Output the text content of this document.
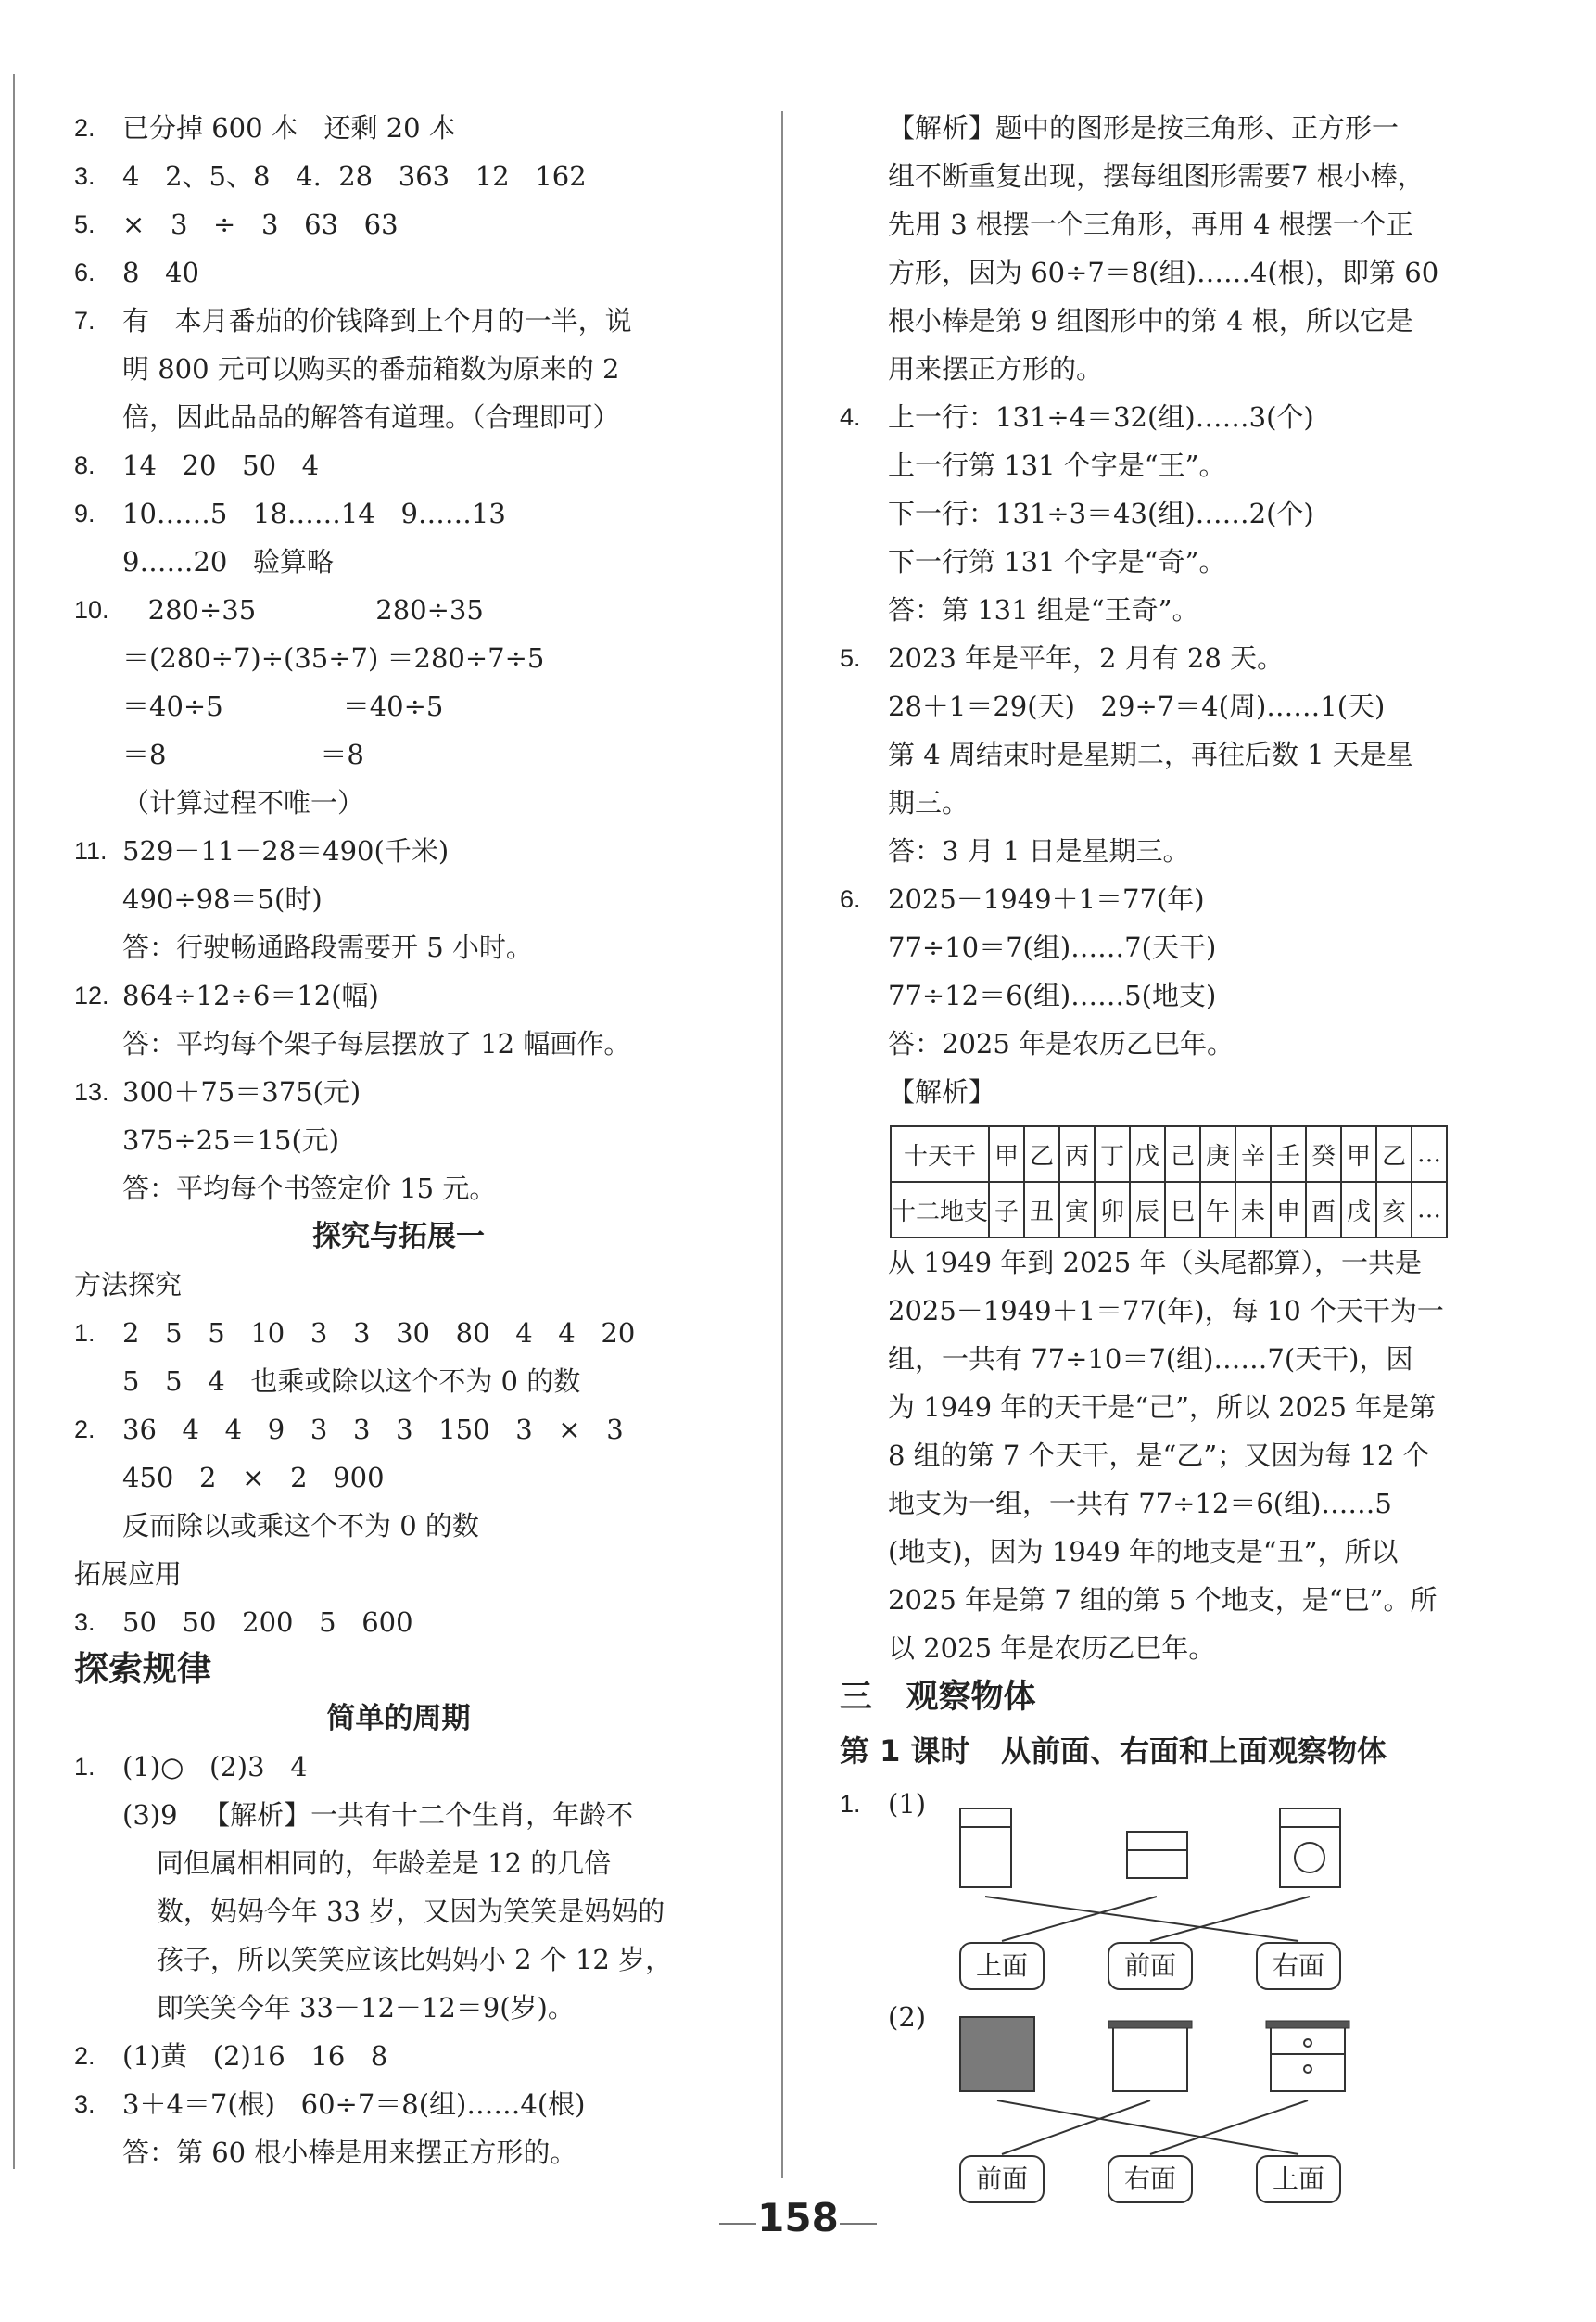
2. 已分掉 600 本   还剩 20 本
3. 4   2、5、8   4.  28   363   12   162
5. ×   3   ÷   3   63   63
6. 8   40
7. 有   本月番茄的价钱降到上个月的一半，说
明 800 元可以购买的番茄箱数为原来的 2
倍，因此品品的解答有道理。（合理即可）
8. 14   20   50   4
9. 10……5   18……14   9……13
9……20   验算略
10. 280÷35              280÷35
＝(280÷7)÷(35÷7) ＝280÷7÷5
＝40÷5              ＝40÷5
＝8                  ＝8
（计算过程不唯一）
11. 529－11－28＝490(千米)
490÷98＝5(时)
答：行驶畅通路段需要开 5 小时。
12. 864÷12÷6＝12(幅)
答：平均每个架子每层摆放了 12 幅画作。
13. 300＋75＝375(元)
375÷25＝15(元)
答：平均每个书签定价 15 元。
探究与拓展一
方法探究
1. 2   5   5   10   3   3   30   80   4   4   20
5   5   4   也乘或除以这个不为 0 的数
2. 36   4   4   9   3   3   3   150   3   ×   3
450   2   ×   2   900
反而除以或乘这个不为 0 的数
拓展应用
3. 50   50   200   5   600
探索规律
简单的周期
1. (1)○   (2)3   4
(3)9   【解析】一共有十二个生肖，年龄不
同但属相相同的，年龄差是 12 的几倍
数，妈妈今年 33 岁，又因为笑笑是妈妈的
孩子，所以笑笑应该比妈妈小 2 个 12 岁，
即笑笑今年 33－12－12＝9(岁)。
2. (1)黄   (2)16   16   8
3. 3＋4＝7(根)   60÷7＝8(组)……4(根)
答：第 60 根小棒是用来摆正方形的。
【解析】题中的图形是按三角形、正方形一
组不断重复出现，摆每组图形需要7 根小棒，
先用 3 根摆一个三角形，再用 4 根摆一个正
方形，因为 60÷7＝8(组)……4(根)，即第 60
根小棒是第 9 组图形中的第 4 根，所以它是
用来摆正方形的。
4. 上一行：131÷4＝32(组)……3(个)
上一行第 131 个字是“王”。
下一行：131÷3＝43(组)……2(个)
下一行第 131 个字是“奇”。
答：第 131 组是“王奇”。
5. 2023 年是平年，2 月有 28 天。
28＋1＝29(天)   29÷7＝4(周)……1(天)
第 4 周结束时是星期二，再往后数 1 天是星
期三。
答：3 月 1 日是星期三。
6. 2025－1949＋1＝77(年)
77÷10＝7(组)……7(天干)
77÷12＝6(组)……5(地支)
答：2025 年是农历乙巳年。
【解析】
十天干	甲	乙	丙	丁	戊	己	庚	辛	壬	癸	甲	乙	…
十二地支	子	丑	寅	卯	辰	巳	午	未	申	酉	戌	亥	…
从 1949 年到 2025 年（头尾都算），一共是
2025－1949＋1＝77(年)，每 10 个天干为一
组，一共有 77÷10＝7(组)……7(天干)，因
为 1949 年的天干是“己”，所以 2025 年是第
8 组的第 7 个天干，是“乙”；又因为每 12 个
地支为一组，一共有 77÷12＝6(组)……5
(地支)，因为 1949 年的地支是“丑”，所以
2025 年是第 7 组的第 5 个地支，是“巳”。所
以 2025 年是农历乙巳年。
三   观察物体
第 1 课时   从前面、右面和上面观察物体
1. (1)
上面	前面	右面
(2)
前面	右面	上面
158
